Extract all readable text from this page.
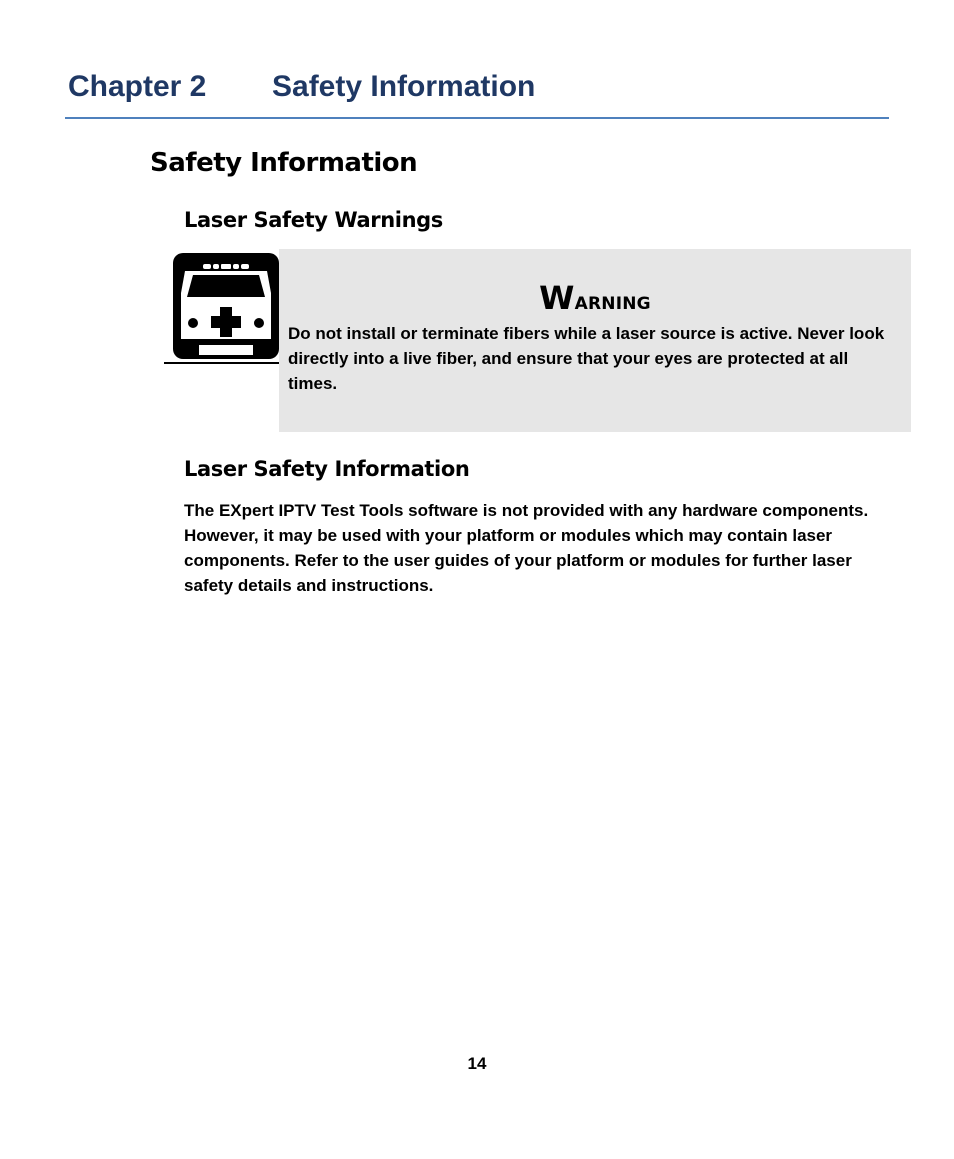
Chapter 2 Safety Information
Safety Information
Laser Safety Warnings
Warning
Do not install or terminate fibers while a laser source is active. Never look directly into a live fiber, and ensure that your eyes are protected at all times.
Laser Safety Information
The EXpert IPTV Test Tools software is not provided with any hardware components. However, it may be used with your platform or modules which may contain laser components. Refer to the user guides of your platform or modules for further laser safety details and instructions.
14
